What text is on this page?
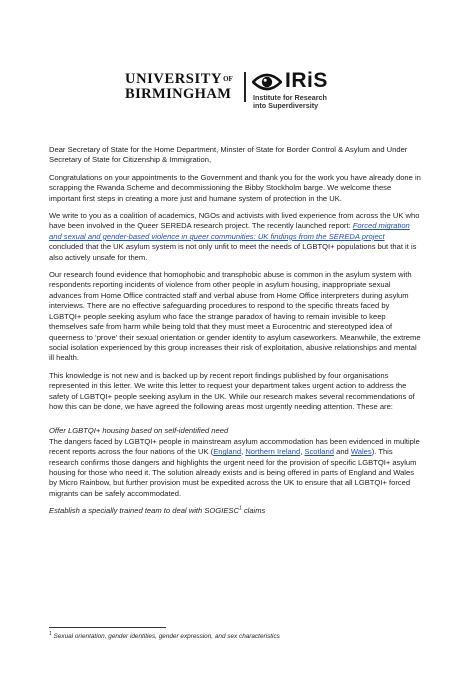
$UNIVERSITY^{OF}$
BIRMINGHAM
IRiS
Institute for Research
into Superdiversity

Dear Secretary of State for the Home Department, Minster of State for Border Control & Asylum and Under Secretary of State for Citizenship & Immigration,

Congratulations on your appointments to the Government and thank you for the work you have already done in scrapping the Rwanda Scheme and decommissioning the Bibby Stockholm barge. We welcome these important first steps in creating a more just and humane system of protection in the UK.

We write to you as a coalition of academics, NGOs and activists with lived experience from across the UK who have been involved in the Queer SEREDA research project. The recently launched report: Forced migration and sexual and gender-based violence in queer communities: UK findings from the SEREDA project concluded that the UK asylum system is not only unfit to meet the needs of LGBTQI+ populations but that it is also actively unsafe for them.

Our research found evidence that homophobic and transphobic abuse is common in the asylum system with respondents reporting incidents of violence from other people in asylum housing, inappropriate sexual advances from Home Office contracted staff and verbal abuse from Home Office interpreters during asylum interviews. There are no effective safeguarding procedures to respond to the specific threats faced by LGBTQI+ people seeking asylum who face the strange paradox of having to remain invisible to keep themselves safe from harm while being told that they must meet a Eurocentric and stereotyped idea of queerness to ‘prove’ their sexual orientation or gender identity to asylum caseworkers. Meanwhile, the extreme social isolation experienced by this group increases their risk of exploitation, abusive relationships and mental ill health.

This knowledge is not new and is backed up by recent report findings published by four organisations represented in this letter. We write this letter to request your department takes urgent action to address the safety of LGBTQI+ people seeking asylum in the UK. While our research makes several recommendations of how this can be done, we have agreed the following areas most urgently needing attention. These are:

Offer LGBTQI+ housing based on self-identified need

The dangers faced by LGBTQI+ people in mainstream asylum accommodation has been evidenced in multiple recent reports across the four nations of the UK (England, Northern Ireland, Scotland and Wales). This research confirms those dangers and highlights the urgent need for the provision of specific LGBTQI+ asylum housing for those who need it. The solution already exists and is being offered in parts of England and Wales by Micro Rainbow, but further provision must be expedited across the UK to ensure that all LGBTQI+ forced migrants can be safely accommodated.

Establish a specially trained team to deal with SOGIESC$^1$ claims

$^1$ Sexual orientation, gender identities, gender expression, and sex characteristics
